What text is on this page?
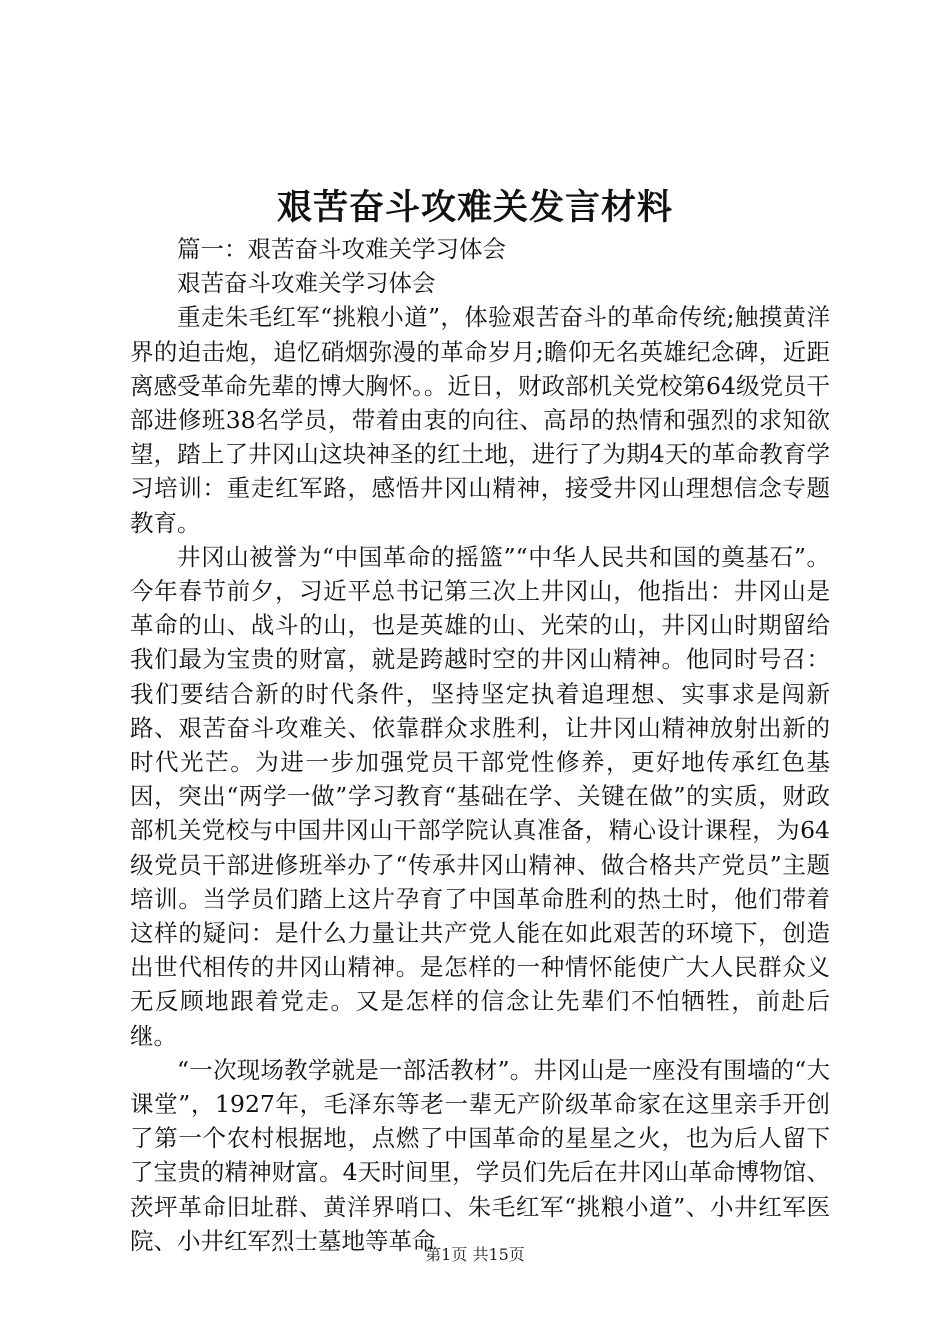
艰苦奋斗攻难关发言材料

篇一：艰苦奋斗攻难关学习体会

艰苦奋斗攻难关学习体会

重走朱毛红军“挑粮小道”，体验艰苦奋斗的革命传统;触摸黄洋界的迫击炮，追忆硝烟弥漫的革命岁月;瞻仰无名英雄纪念碑，近距离感受革命先辈的博大胸怀。。近日，财政部机关党校第64级党员干部进修班38名学员，带着由衷的向往、高昂的热情和强烈的求知欲望，踏上了井冈山这块神圣的红土地，进行了为期4天的革命教育学习培训：重走红军路，感悟井冈山精神，接受井冈山理想信念专题教育。

井冈山被誉为“中国革命的摇篮”“中华人民共和国的奠基石”。今年春节前夕，习近平总书记第三次上井冈山，他指出：井冈山是革命的山、战斗的山，也是英雄的山、光荣的山，井冈山时期留给我们最为宝贵的财富，就是跨越时空的井冈山精神。他同时号召：我们要结合新的时代条件，坚持坚定执着追理想、实事求是闯新路、艰苦奋斗攻难关、依靠群众求胜利，让井冈山精神放射出新的时代光芒。为进一步加强党员干部党性修养，更好地传承红色基因，突出“两学一做”学习教育“基础在学、关键在做”的实质，财政部机关党校与中国井冈山干部学院认真准备，精心设计课程，为64级党员干部进修班举办了“传承井冈山精神、做合格共产党员”主题培训。当学员们踏上这片孕育了中国革命胜利的热土时，他们带着这样的疑问：是什么力量让共产党人能在如此艰苦的环境下，创造出世代相传的井冈山精神。是怎样的一种情怀能使广大人民群众义无反顾地跟着党走。又是怎样的信念让先辈们不怕牺牲，前赴后继。

“一次现场教学就是一部活教材”。井冈山是一座没有围墙的“大课堂”，1927年，毛泽东等老一辈无产阶级革命家在这里亲手开创了第一个农村根据地，点燃了中国革命的星星之火，也为后人留下了宝贵的精神财富。4天时间里，学员们先后在井冈山革命博物馆、茨坪革命旧址群、黄洋界哨口、朱毛红军“挑粮小道”、小井红军医院、小井红军烈士墓地等革命

第1页 共15页
